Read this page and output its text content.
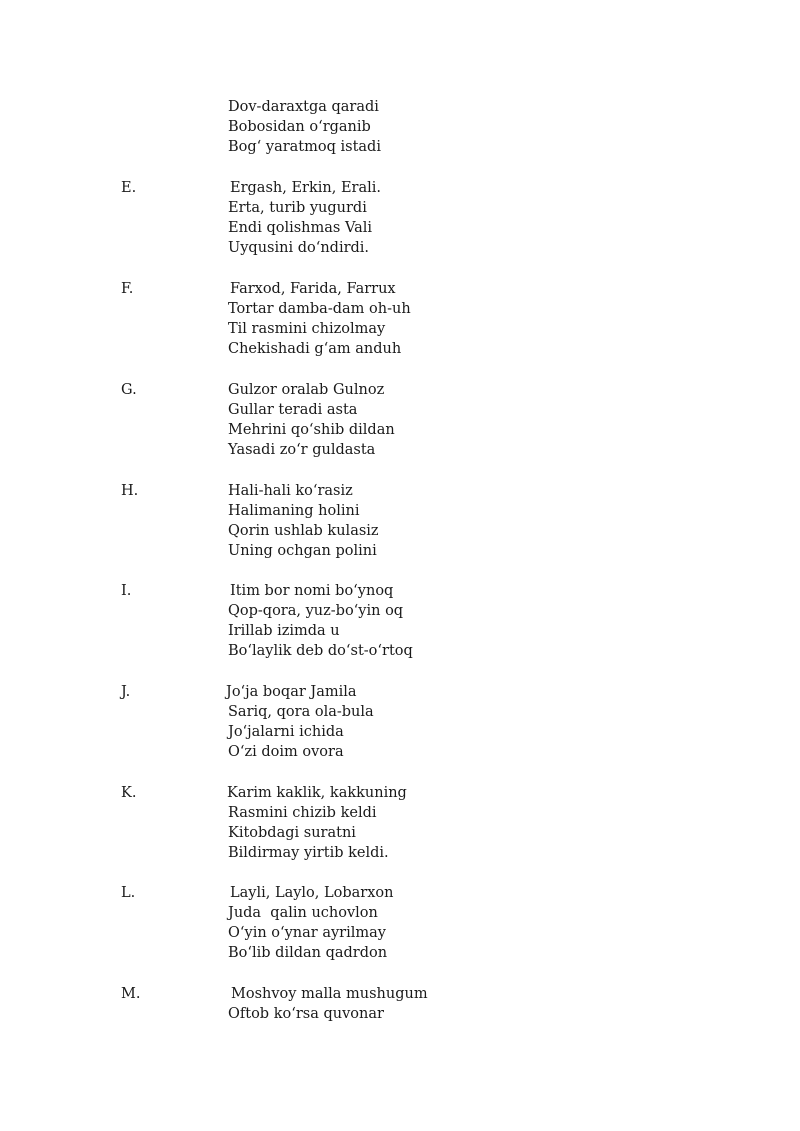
Dov-daraxtga qaradi
Bobosidan o‘rganib
Bog‘ yaratmoq istadi
E.	Ergash, Erkin, Erali.
Erta, turib yugurdi
Endi qolishmas Vali
Uyqusini do‘ndirdi.
F.	Farxod, Farida, Farrux
Tortar damba-dam oh-uh
Til rasmini chizolmay
Chekishadi g‘am anduh
G.	Gulzor oralab Gulnoz
Gullar teradi asta
Mehrini qo‘shib dildan
Yasadi zo‘r guldasta
H.	Hali-hali ko‘rasiz
Halimaning holini
Qorin ushlab kulasiz
Uning ochgan polini
I.	Itim bor nomi bo‘ynoq
Qop-qora, yuz-bo‘yin oq
Irillab izimda u
Bo‘laylik deb do‘st-o‘rtoq
J.	Jo‘ja boqar Jamila
Sariq, qora ola-bula
Jo‘jalarni ichida
O‘zi doim ovora
K.	Karim kaklik, kakkuning
Rasmini chizib keldi
Kitobdagi suratni
Bildirmay yirtib keldi.
L.	Layli, Laylo, Lobarxon
Juda  qalin uchovlon
O‘yin o‘ynar ayrilmay
Bo‘lib dildan qadrdon
M.	Moshvoy malla mushugum
Oftob ko‘rsa quvonar
